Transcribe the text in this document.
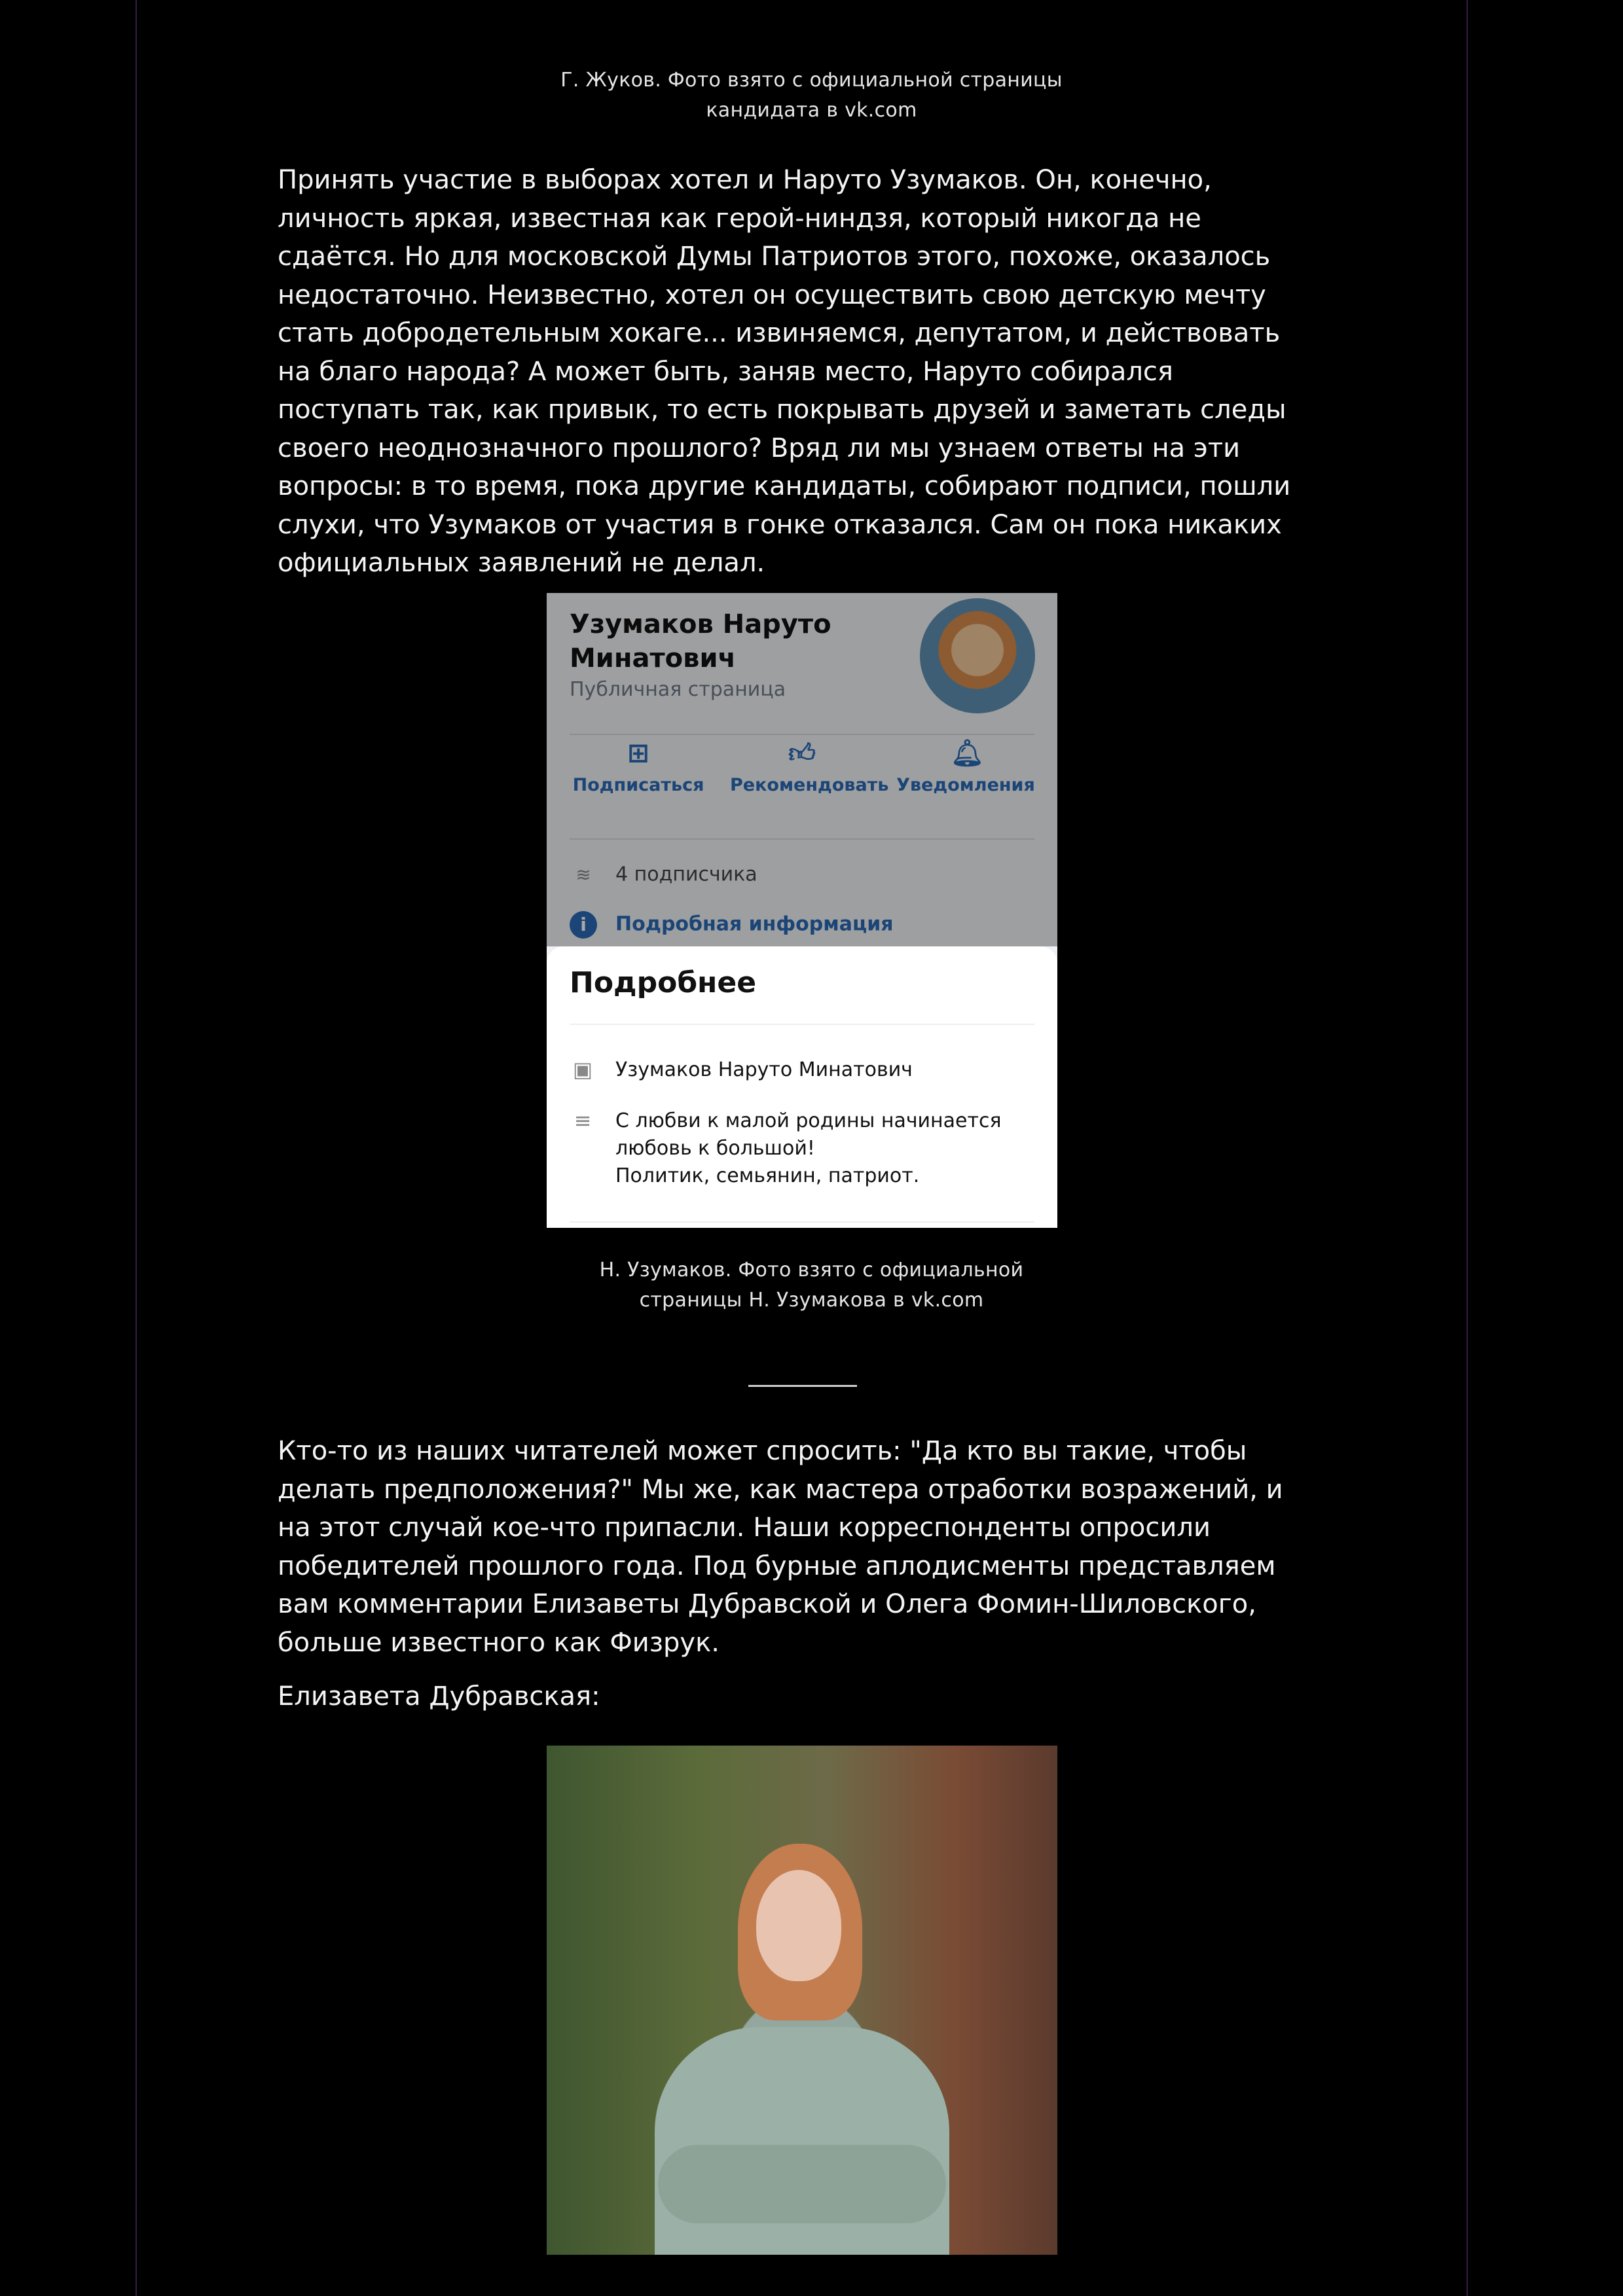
Г. Жуков. Фото взято с официальной страницы
кандидата в vk.com

Принять участие в выборах хотел и Наруто Узумаков. Он, конечно, личность яркая, известная как герой-ниндзя, который никогда не сдаётся. Но для московской Думы Патриотов этого, похоже, оказалось недостаточно. Неизвестно, хотел он осуществить свою детскую мечту стать добродетельным хокаге... извиняемся, депутатом, и действовать на благо народа? А может быть, заняв место, Наруто собирался поступать так, как привык, то есть покрывать друзей и заметать следы своего неоднозначного прошлого? Вряд ли мы узнаем ответы на эти вопросы: в то время, пока другие кандидаты, собирают подписи, пошли слухи, что Узумаков от участия в гонке отказался. Сам он пока никаких официальных заявлений не делал.

Узумаков Наруто Минатович
Публичная страница
⊞
Подписаться
👍︎
Рекомендовать
🔔︎
Уведомления
≋ 4 подписчика
i Подробная информация
Подробнее
▣ Узумаков Наруто Минатович
≡ С любви к малой родины начинается
любовь к большой!
Политик, семьянин, патриот.
Н. Узумаков. Фото взято с официальной
страницы Н. Узумакова в vk.com

Кто-то из наших читателей может спросить: "Да кто вы такие, чтобы делать предположения?" Мы же, как мастера отработки возражений, и на этот случай кое-что припасли. Наши корреспонденты опросили победителей прошлого года. Под бурные аплодисменты представляем вам комментарии Елизаветы Дубравской и Олега Фомин-Шиловского, больше известного как Физрук.

Елизавета Дубравская:
